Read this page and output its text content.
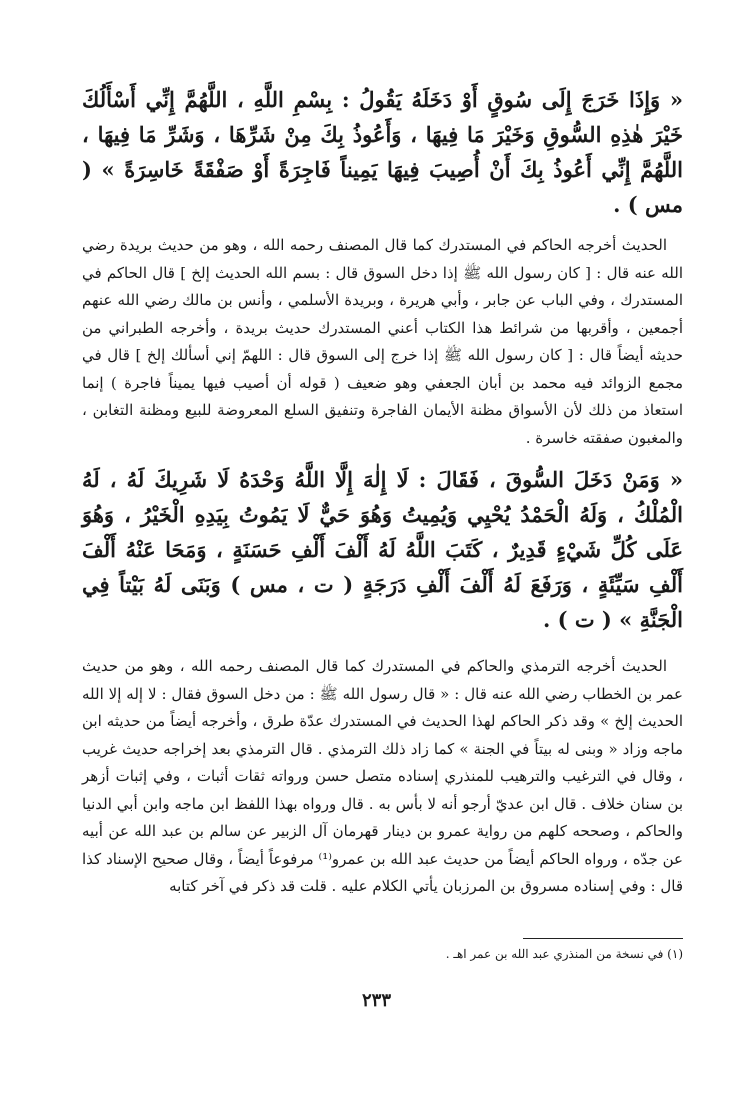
« وَإِذَا خَرَجَ إِلَى سُوقٍ أَوْ دَخَلَهُ يَقُولُ : بِسْمِ اللَّهِ ، اللَّهُمَّ إِنِّي أَسْأَلُكَ خَيْرَ هٰذِهِ السُّوقِ وَخَيْرَ مَا فِيهَا ، وَأَعُوذُ بِكَ مِنْ شَرِّهَا ، وَشَرِّ مَا فِيهَا ، اللَّهُمَّ إِنِّي أَعُوذُ بِكَ أَنْ أُصِيبَ فِيهَا يَمِيناً فَاجِرَةً أَوْ صَفْقَةً خَاسِرَةً » ( مس ) .

الحديث أخرجه الحاكم في المستدرك كما قال المصنف رحمه الله ، وهو من حديث بريدة رضي الله عنه قال : [ كان رسول الله ﷺ إذا دخل السوق قال : بسم الله الحديث إلخ ] قال الحاكم في المستدرك ، وفي الباب عن جابر ، وأبي هريرة ، وبريدة الأسلمي ، وأنس بن مالك رضي الله عنهم أجمعين ، وأقربها من شرائط هذا الكتاب أعني المستدرك حديث بريدة ، وأخرجه الطبراني من حديثه أيضاً قال : [ كان رسول الله ﷺ إذا خرج إلى السوق قال : اللهمّ إني أسألك إلخ ] قال في مجمع الزوائد فيه محمد بن أبان الجعفي وهو ضعيف ( قوله أن أصيب فيها يميناً فاجرة ) إنما استعاذ من ذلك لأن الأسواق مظنة الأيمان الفاجرة وتنفيق السلع المعروضة للبيع ومظنة التغابن ، والمغبون صفقته خاسرة .

« وَمَنْ دَخَلَ السُّوقَ ، فَقَالَ : لَا إِلٰهَ إِلَّا اللَّهُ وَحْدَهُ لَا شَرِيكَ لَهُ ، لَهُ الْمُلْكُ ، وَلَهُ الْحَمْدُ يُحْيِي وَيُمِيتُ وَهُوَ حَيٌّ لَا يَمُوتُ بِيَدِهِ الْخَيْرُ ، وَهُوَ عَلَى كُلِّ شَيْءٍ قَدِيرٌ ، كَتَبَ اللَّهُ لَهُ أَلْفَ أَلْفِ حَسَنَةٍ ، وَمَحَا عَنْهُ أَلْفَ أَلْفِ سَيِّئَةٍ ، وَرَفَعَ لَهُ أَلْفَ أَلْفِ دَرَجَةٍ ( ت ، مس ) وَبَنَى لَهُ بَيْتاً فِي الْجَنَّةِ » ( ت ) .

الحديث أخرجه الترمذي والحاكم في المستدرك كما قال المصنف رحمه الله ، وهو من حديث عمر بن الخطاب رضي الله عنه قال : « قال رسول الله ﷺ : من دخل السوق فقال : لا إله إلا الله الحديث إلخ » وقد ذكر الحاكم لهذا الحديث في المستدرك عدّة طرق ، وأخرجه أيضاً من حديثه ابن ماجه وزاد « وبنى له بيتاً في الجنة » كما زاد ذلك الترمذي . قال الترمذي بعد إخراجه حديث غريب ، وقال في الترغيب والترهيب للمنذري إسناده متصل حسن ورواته ثقات أثبات ، وفي إثبات أزهر بن سنان خلاف . قال ابن عديّ أرجو أنه لا بأس به . قال ورواه بهذا اللفظ ابن ماجه وابن أبي الدنيا والحاكم ، وصححه كلهم من رواية عمرو بن دينار قهرمان آل الزبير عن سالم بن عبد الله عن أبيه عن جدّه ، ورواه الحاكم أيضاً من حديث عبد الله بن عمرو⁽¹⁾ مرفوعاً أيضاً ، وقال صحيح الإسناد كذا قال : وفي إسناده مسروق بن المرزبان يأتي الكلام عليه . قلت قد ذكر في آخر كتابه

(١) في نسخة من المنذري عبد الله بن عمر اهـ .
٢٣٣
